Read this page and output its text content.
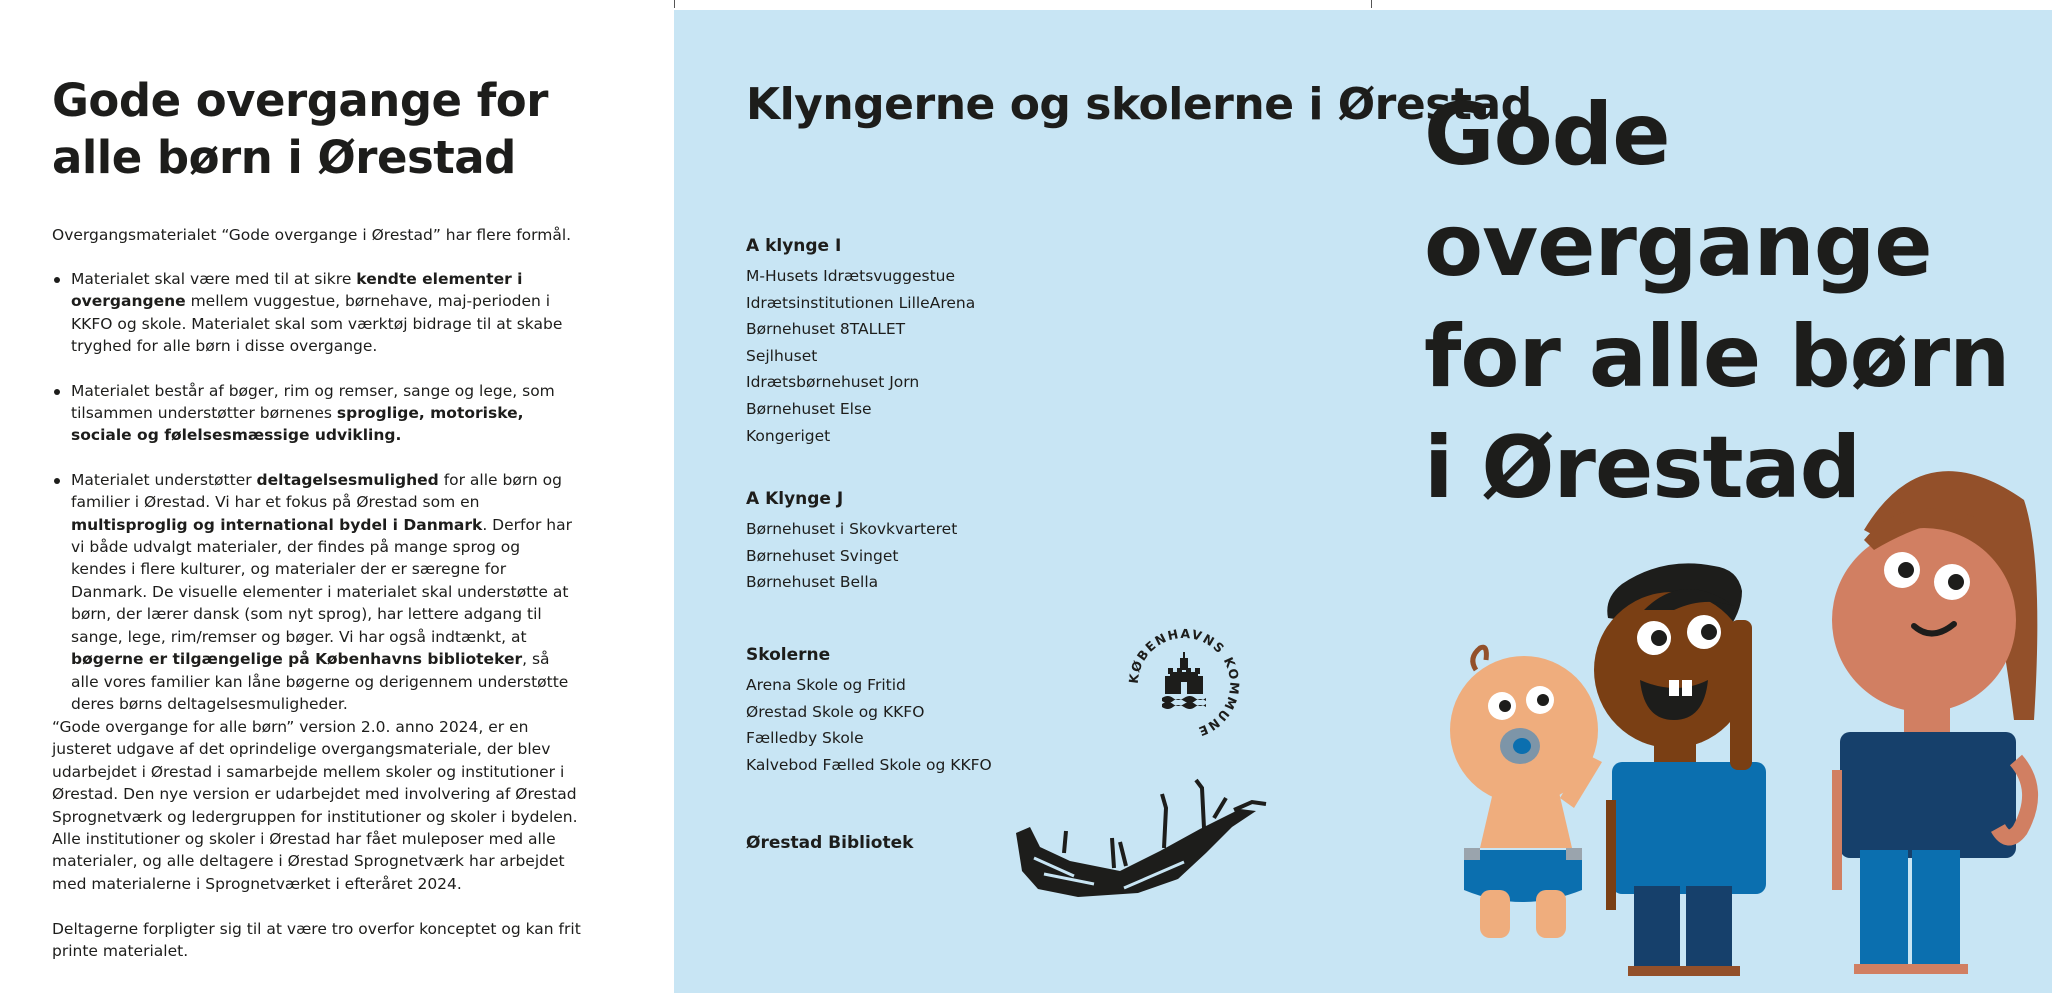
Gode overgange for alle børn i Ørestad

Overgangsmaterialet “Gode overgange i Ørestad” har flere formål.

Materialet skal være med til at sikre kendte elementer i overgangene mellem vuggestue, børnehave, maj-perioden i KKFO og skole. Materialet skal som værktøj bidrage til at skabe tryghed for alle børn i disse overgange.
Materialet består af bøger, rim og remser, sange og lege, som tilsammen understøtter børnenes sproglige, motoriske, sociale og følelsesmæssige udvikling.
Materialet understøtter deltagelsesmulighed for alle børn og familier i Ørestad. Vi har et fokus på Ørestad som en multisproglig og international bydel i Danmark. Derfor har vi både udvalgt materialer, der findes på mange sprog og kendes i flere kulturer, og materialer der er særegne for Danmark. De visuelle elementer i materialet skal understøtte at børn, der lærer dansk (som nyt sprog), har lettere adgang til sange, lege, rim/remser og bøger. Vi har også indtænkt, at bøgerne er tilgængelige på Københavns biblioteker, så alle vores familier kan låne bøgerne og derigennem understøtte deres børns deltagelsesmuligheder.

“Gode overgange for alle børn” version 2.0. anno 2024, er en justeret udgave af det oprindelige overgangsmateriale, der blev udarbejdet i Ørestad i samarbejde mellem skoler og institutioner i Ørestad. Den nye version er udarbejdet med involvering af Ørestad Sprognetværk og ledergruppen for institutioner og skoler i bydelen. Alle institutioner og skoler i Ørestad har fået muleposer med alle materialer, og alle deltagere i Ørestad Sprognetværk har arbejdet med materialerne i Sprognetværket i efteråret 2024.

Deltagerne forpligter sig til at være tro overfor konceptet og kan frit printe materialet.

Klyngerne og skolerne i Ørestad
A klynge I
M-Husets Idrætsvuggestue
Idrætsinstitutionen LilleArena
Børnehuset 8TALLET
Sejlhuset
Idrætsbørnehuset Jorn
Børnehuset Else
Kongeriget
A Klynge J
Børnehuset i Skovkvarteret
Børnehuset Svinget
Børnehuset Bella
Skolerne
Arena Skole og Fritid
Ørestad Skole og KKFO
Fælledby Skole
Kalvebod Fælled Skole og KKFO
Ørestad Bibliotek
KØBENHAVNS KOMMUNE
Gode
overgange
for alle børn
i Ørestad
